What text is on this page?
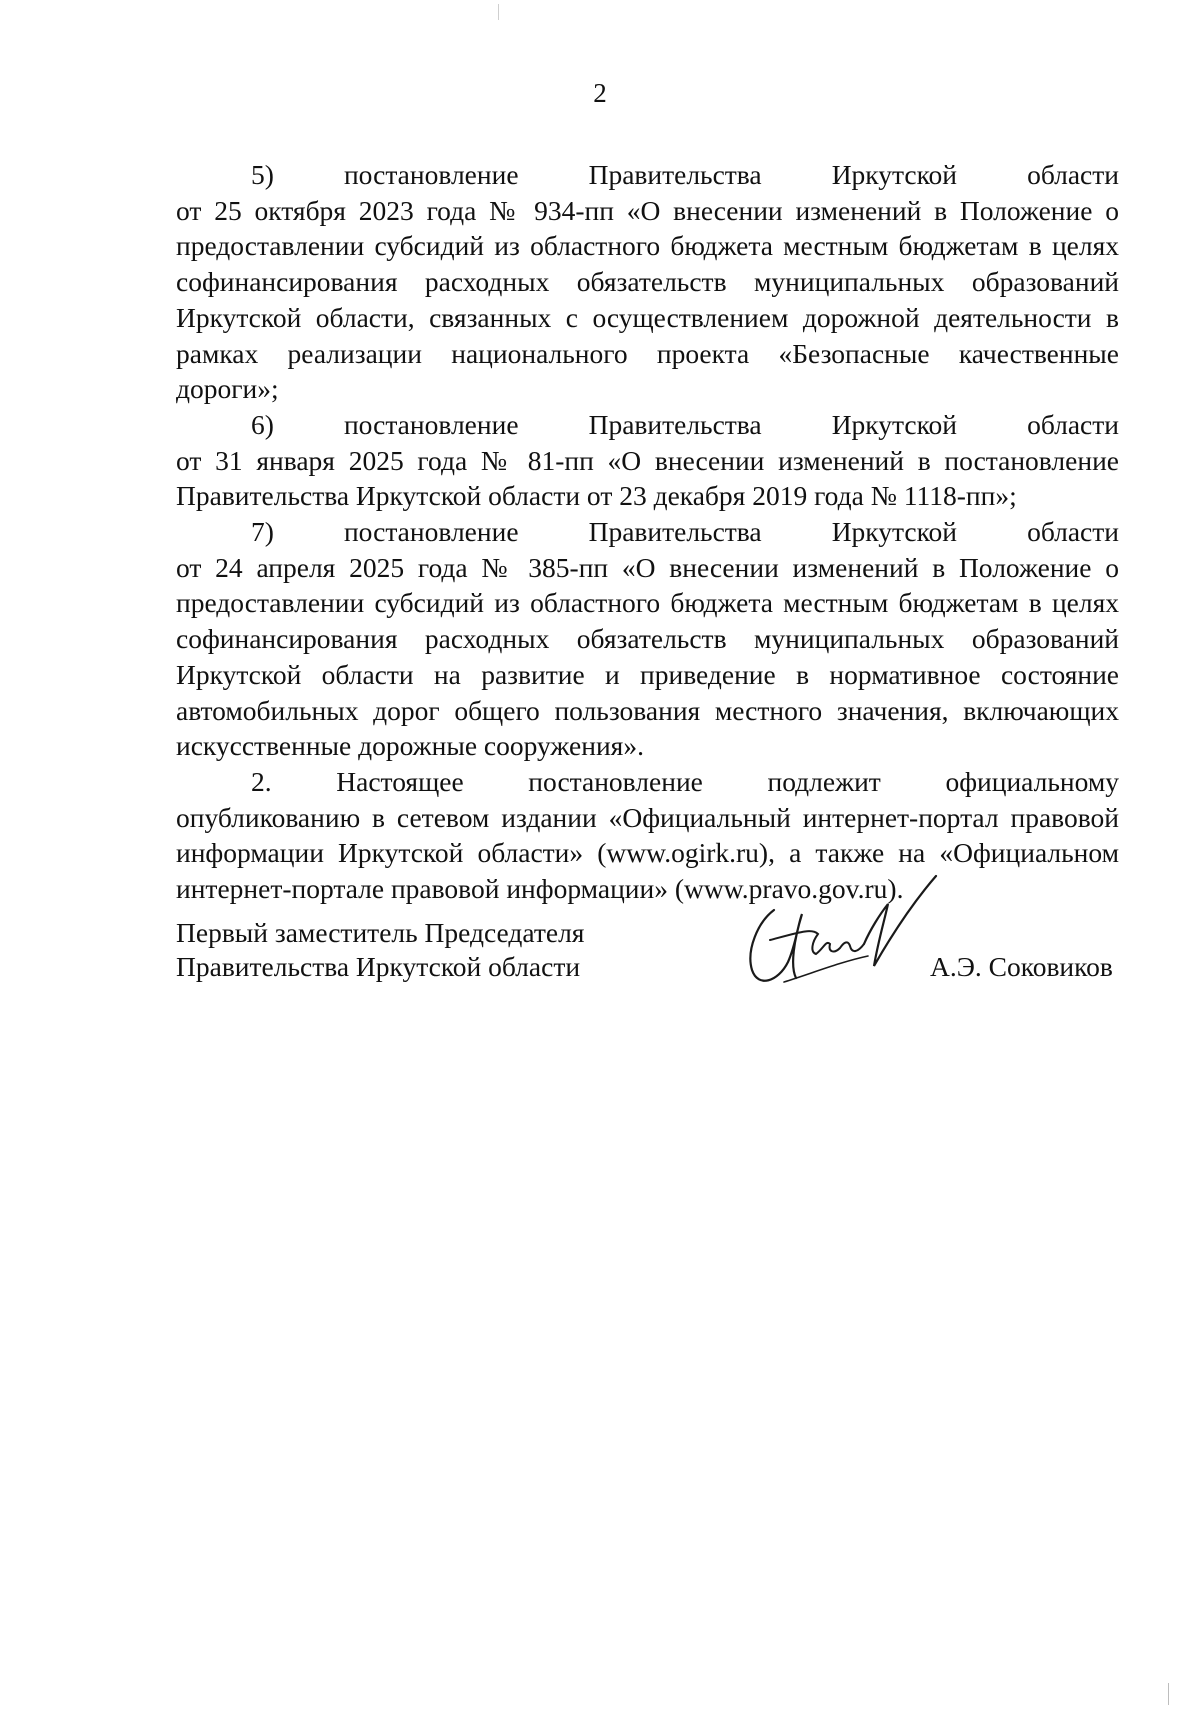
2
5) постановление Правительства Иркутской области
от 25 октября 2023 года № 934-пп «О внесении изменений в Положение о
предоставлении субсидий из областного бюджета местным бюджетам в целях
софинансирования расходных обязательств муниципальных образований
Иркутской области, связанных с осуществлением дорожной деятельности в
рамках реализации национального проекта «Безопасные качественные
дороги»;
6) постановление Правительства Иркутской области
от 31 января 2025 года № 81-пп «О внесении изменений в постановление
Правительства Иркутской области от 23 декабря 2019 года № 1118-пп»;
7) постановление Правительства Иркутской области
от 24 апреля 2025 года № 385-пп «О внесении изменений в Положение о
предоставлении субсидий из областного бюджета местным бюджетам в целях
софинансирования расходных обязательств муниципальных образований
Иркутской области на развитие и приведение в нормативное состояние
автомобильных дорог общего пользования местного значения, включающих
искусственные дорожные сооружения».
2. Настоящее постановление подлежит официальному
опубликованию в сетевом издании «Официальный интернет-портал правовой
информации Иркутской области» (www.ogirk.ru), а также на «Официальном
интернет-портале правовой информации» (www.pravo.gov.ru).
Первый заместитель Председателя
Правительства Иркутской области	А.Э. Соковиков
